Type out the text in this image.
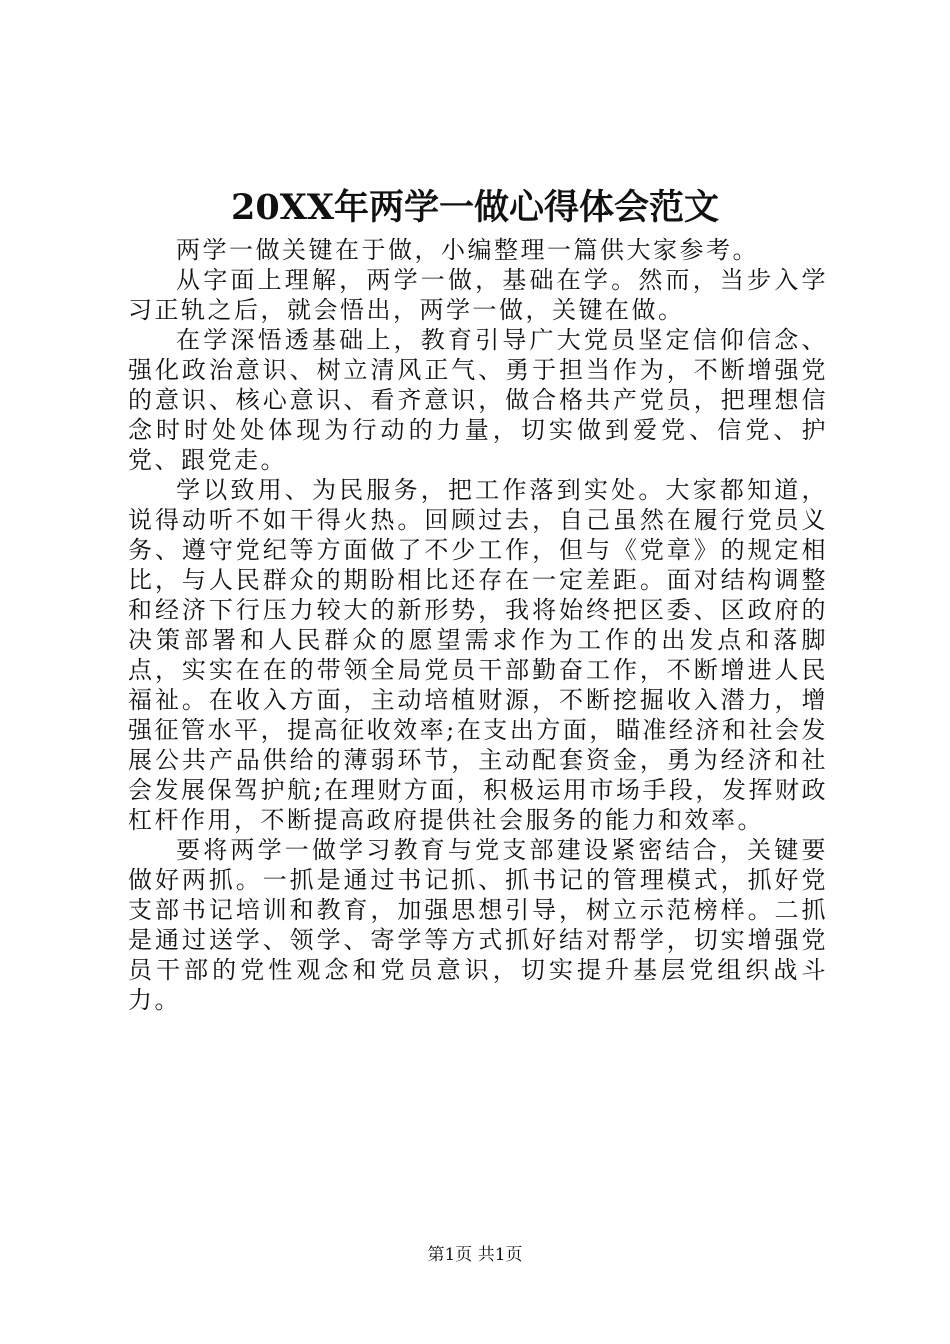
20XX年两学一做心得体会范文

两学一做关键在于做，小编整理一篇供大家参考。

从字面上理解，两学一做，基础在学。然而，当步入学习正轨之后，就会悟出，两学一做，关键在做。

在学深悟透基础上，教育引导广大党员坚定信仰信念、强化政治意识、树立清风正气、勇于担当作为，不断增强党的意识、核心意识、看齐意识，做合格共产党员，把理想信念时时处处体现为行动的力量，切实做到爱党、信党、护党、跟党走。

学以致用、为民服务，把工作落到实处。大家都知道，说得动听不如干得火热。回顾过去，自己虽然在履行党员义务、遵守党纪等方面做了不少工作，但与《党章》的规定相比，与人民群众的期盼相比还存在一定差距。面对结构调整和经济下行压力较大的新形势，我将始终把区委、区政府的决策部署和人民群众的愿望需求作为工作的出发点和落脚点，实实在在的带领全局党员干部勤奋工作，不断增进人民福祉。在收入方面，主动培植财源，不断挖掘收入潜力，增强征管水平，提高征收效率;在支出方面，瞄准经济和社会发展公共产品供给的薄弱环节，主动配套资金，勇为经济和社会发展保驾护航;在理财方面，积极运用市场手段，发挥财政杠杆作用，不断提高政府提供社会服务的能力和效率。

要将两学一做学习教育与党支部建设紧密结合，关键要做好两抓。一抓是通过书记抓、抓书记的管理模式，抓好党支部书记培训和教育，加强思想引导，树立示范榜样。二抓是通过送学、领学、寄学等方式抓好结对帮学，切实增强党员干部的党性观念和党员意识，切实提升基层党组织战斗力。

第1页 共1页
